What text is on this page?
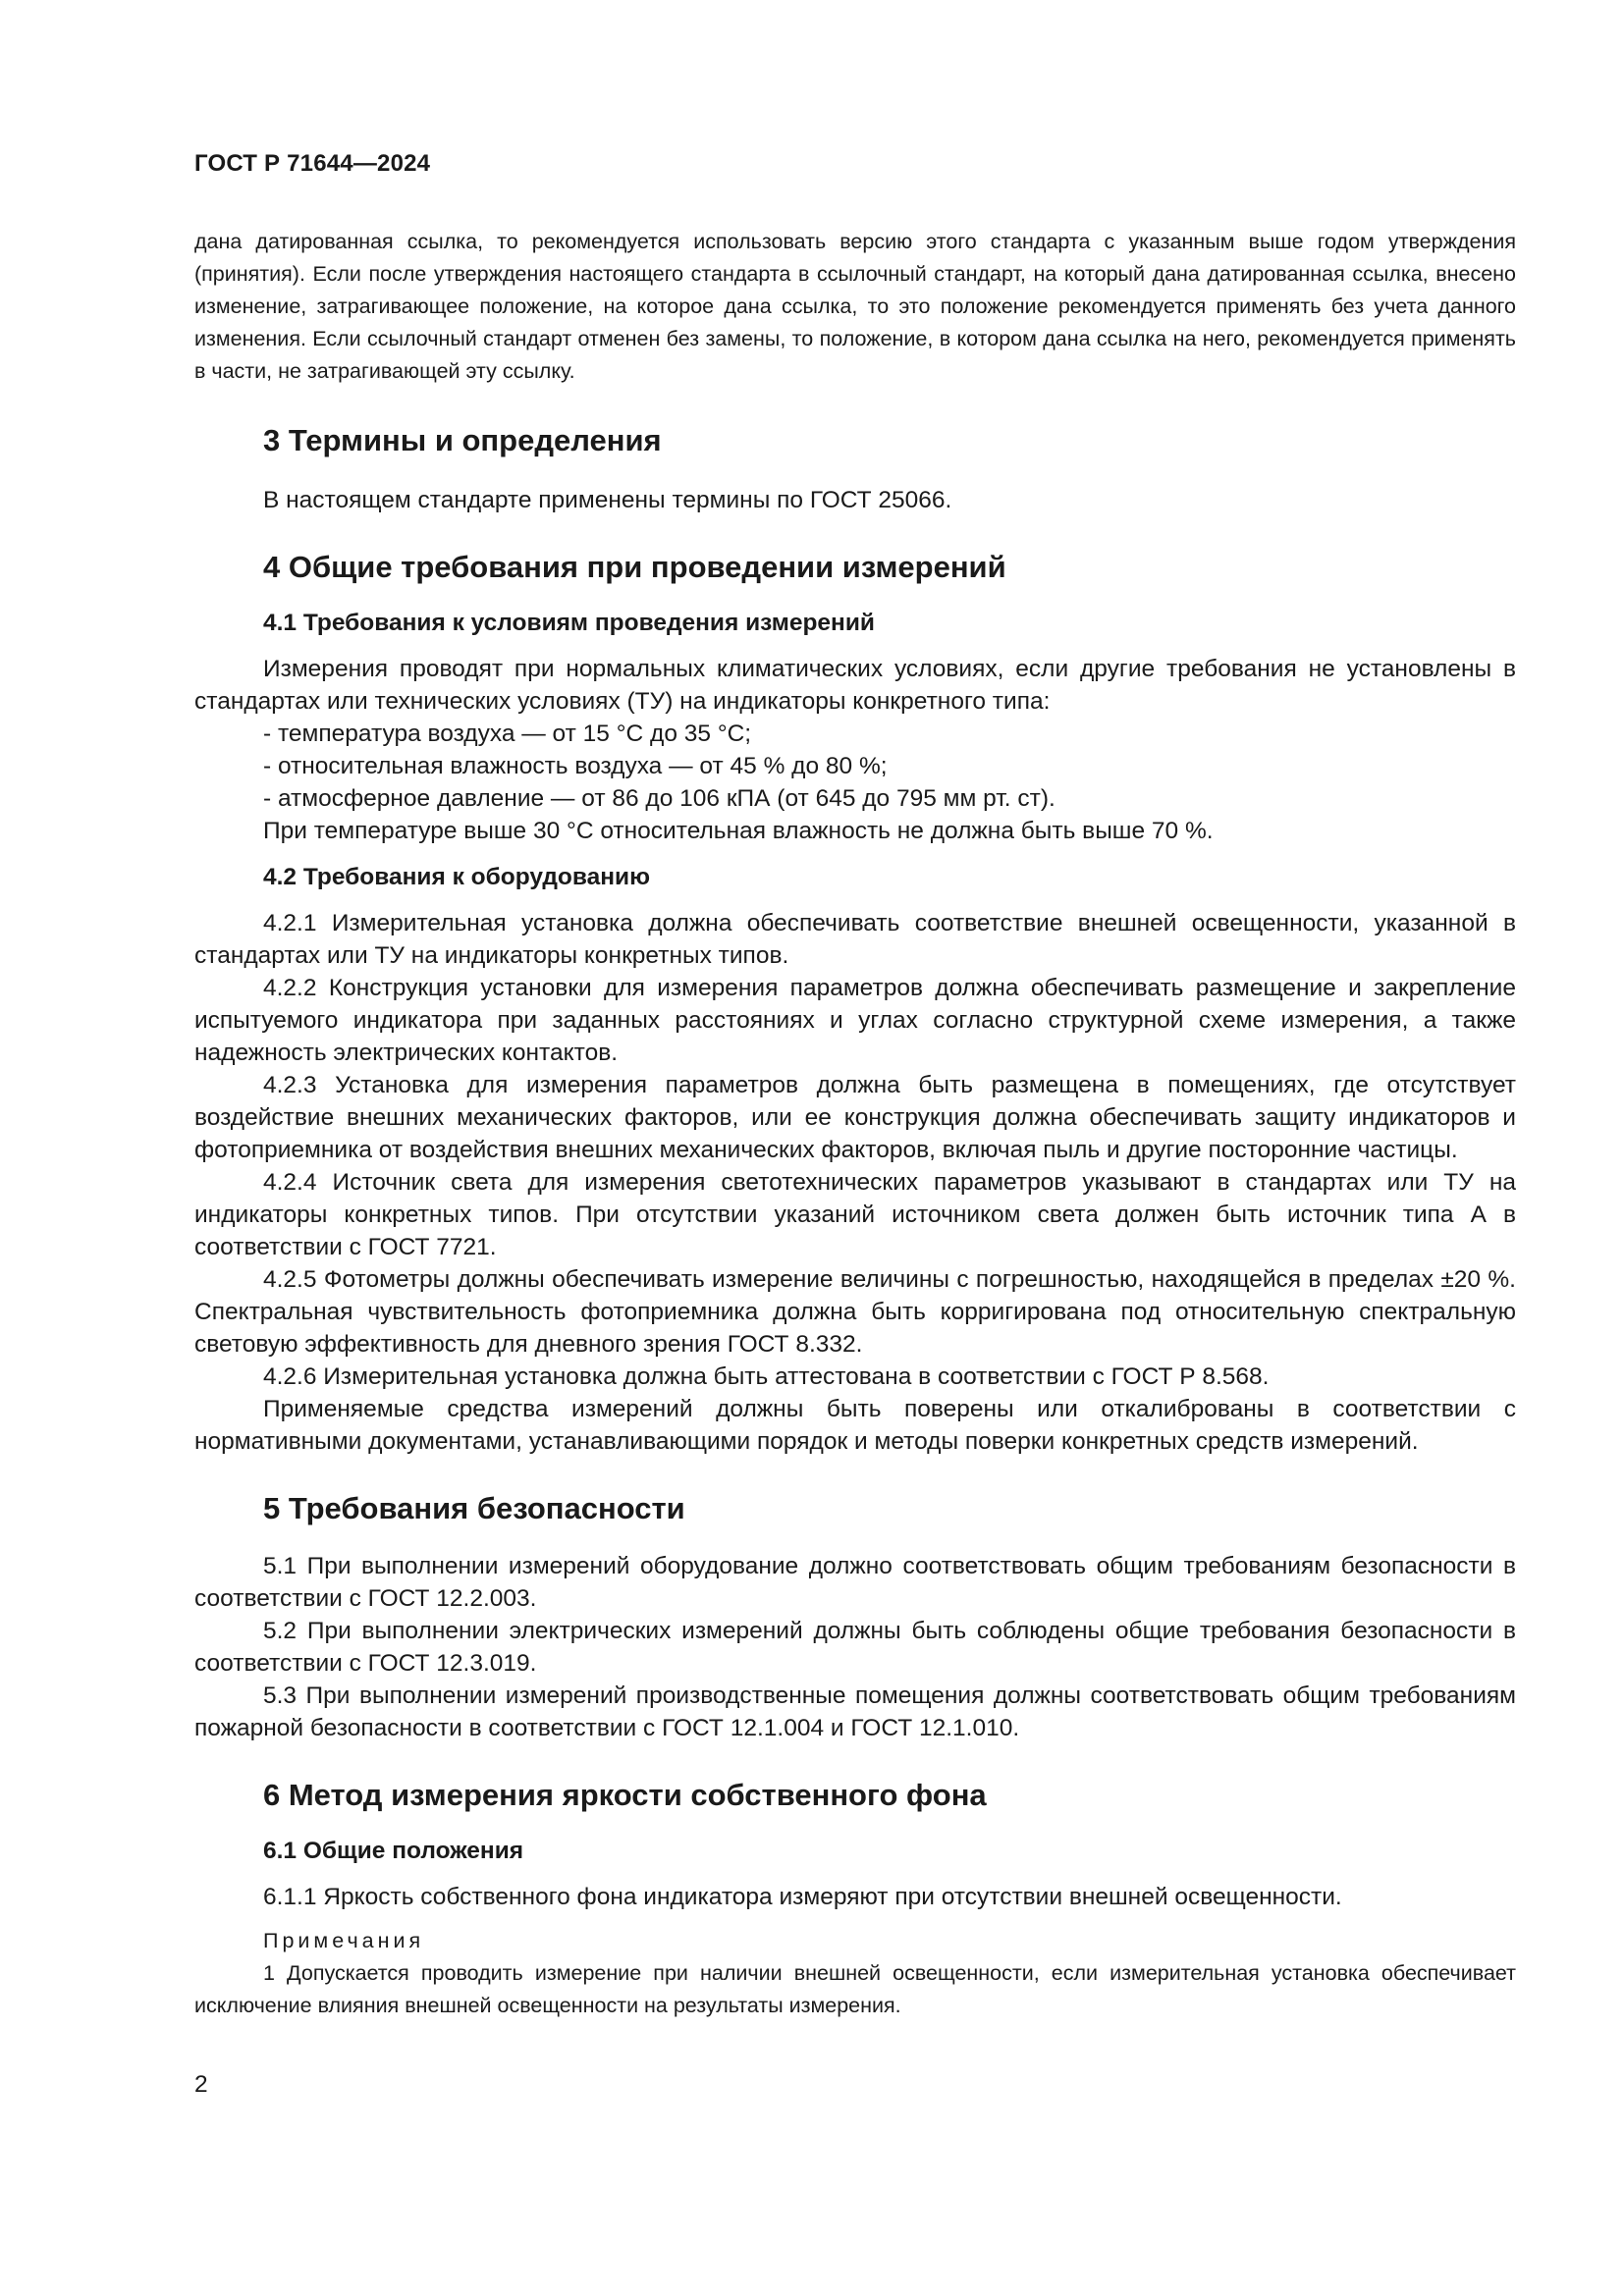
ГОСТ Р 71644—2024

дана датированная ссылка, то рекомендуется использовать версию этого стандарта с указанным выше годом утверждения (принятия). Если после утверждения настоящего стандарта в ссылочный стандарт, на который дана датированная ссылка, внесено изменение, затрагивающее положение, на которое дана ссылка, то это положение рекомендуется применять без учета данного изменения. Если ссылочный стандарт отменен без замены, то положение, в котором дана ссылка на него, рекомендуется применять в части, не затрагивающей эту ссылку.

3 Термины и определения

В настоящем стандарте применены термины по ГОСТ 25066.

4 Общие требования при проведении измерений
4.1 Требования к условиям проведения измерений

Измерения проводят при нормальных климатических условиях, если другие требования не установлены в стандартах или технических условиях (ТУ) на индикаторы конкретного типа:

- температура воздуха — от 15 °С до 35 °С;
- относительная влажность воздуха — от 45 % до 80 %;
- атмосферное давление — от 86 до 106 кПА (от 645 до 795 мм рт. ст).

При температуре выше 30 °С относительная влажность не должна быть выше 70 %.

4.2 Требования к оборудованию

4.2.1 Измерительная установка должна обеспечивать соответствие внешней освещенности, указанной в стандартах или ТУ на индикаторы конкретных типов.

4.2.2 Конструкция установки для измерения параметров должна обеспечивать размещение и закрепление испытуемого индикатора при заданных расстояниях и углах согласно структурной схеме измерения, а также надежность электрических контактов.

4.2.3 Установка для измерения параметров должна быть размещена в помещениях, где отсутствует воздействие внешних механических факторов, или ее конструкция должна обеспечивать защиту индикаторов и фотоприемника от воздействия внешних механических факторов, включая пыль и другие посторонние частицы.

4.2.4 Источник света для измерения светотехнических параметров указывают в стандартах или ТУ на индикаторы конкретных типов. При отсутствии указаний источником света должен быть источник типа А в соответствии с ГОСТ 7721.

4.2.5 Фотометры должны обеспечивать измерение величины с погрешностью, находящейся в пределах ±20 %. Спектральная чувствительность фотоприемника должна быть корригирована под относительную спектральную световую эффективность для дневного зрения ГОСТ 8.332.

4.2.6 Измерительная установка должна быть аттестована в соответствии с ГОСТ Р 8.568.

Применяемые средства измерений должны быть поверены или откалиброваны в соответствии с нормативными документами, устанавливающими порядок и методы поверки конкретных средств измерений.

5 Требования безопасности

5.1 При выполнении измерений оборудование должно соответствовать общим требованиям безопасности в соответствии с ГОСТ 12.2.003.

5.2 При выполнении электрических измерений должны быть соблюдены общие требования безопасности в соответствии с ГОСТ 12.3.019.

5.3 При выполнении измерений производственные помещения должны соответствовать общим требованиям пожарной безопасности в соответствии с ГОСТ 12.1.004 и ГОСТ 12.1.010.

6 Метод измерения яркости собственного фона
6.1 Общие положения

6.1.1 Яркость собственного фона индикатора измеряют при отсутствии внешней освещенности.

Примечания

1 Допускается проводить измерение при наличии внешней освещенности, если измерительная установка обеспечивает исключение влияния внешней освещенности на результаты измерения.

2
